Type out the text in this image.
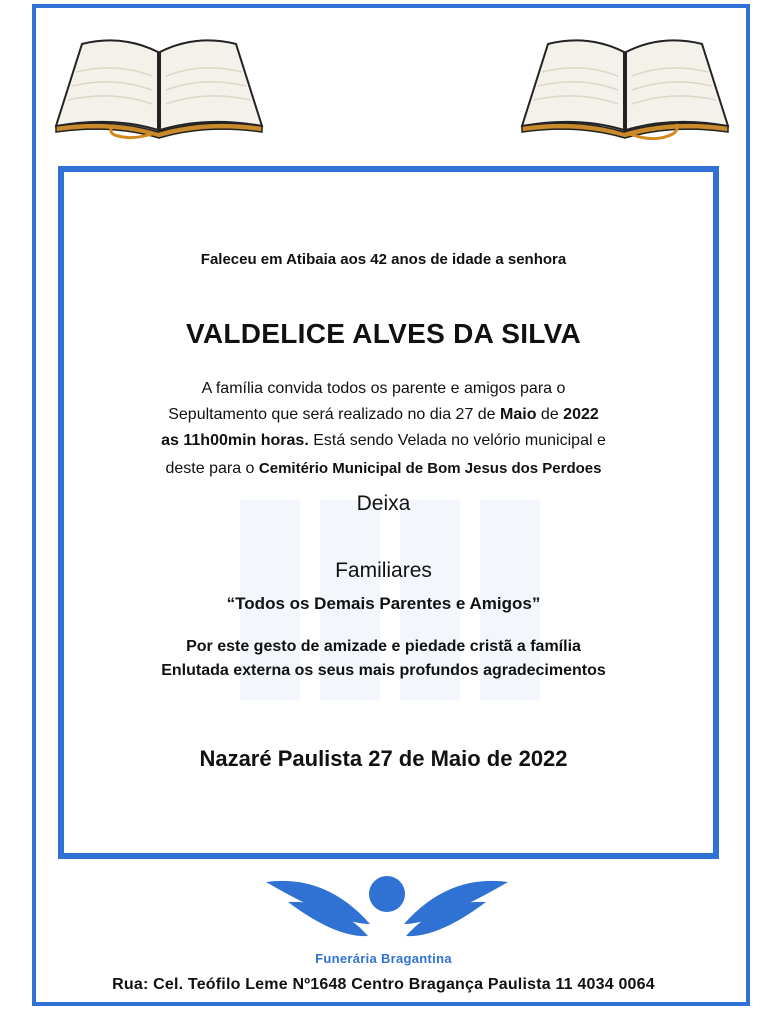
Faleceu em Atibaia aos 42 anos de idade a senhora
VALDELICE ALVES DA SILVA
A família convida todos os parente e amigos para o
Sepultamento que será realizado no dia 27 de Maio de 2022
as 11h00min horas. Está sendo Velada no velório municipal e
deste para o Cemitério Municipal de Bom Jesus dos Perdoes
Deixa
Familiares
“Todos os Demais Parentes e Amigos”
Por este gesto de amizade e piedade cristã a família
Enlutada externa os seus mais profundos agradecimentos
Nazaré Paulista 27 de Maio de 2022
Funerária Bragantina
Rua: Cel. Teófilo Leme Nº1648 Centro Bragança Paulista 11 4034 0064
